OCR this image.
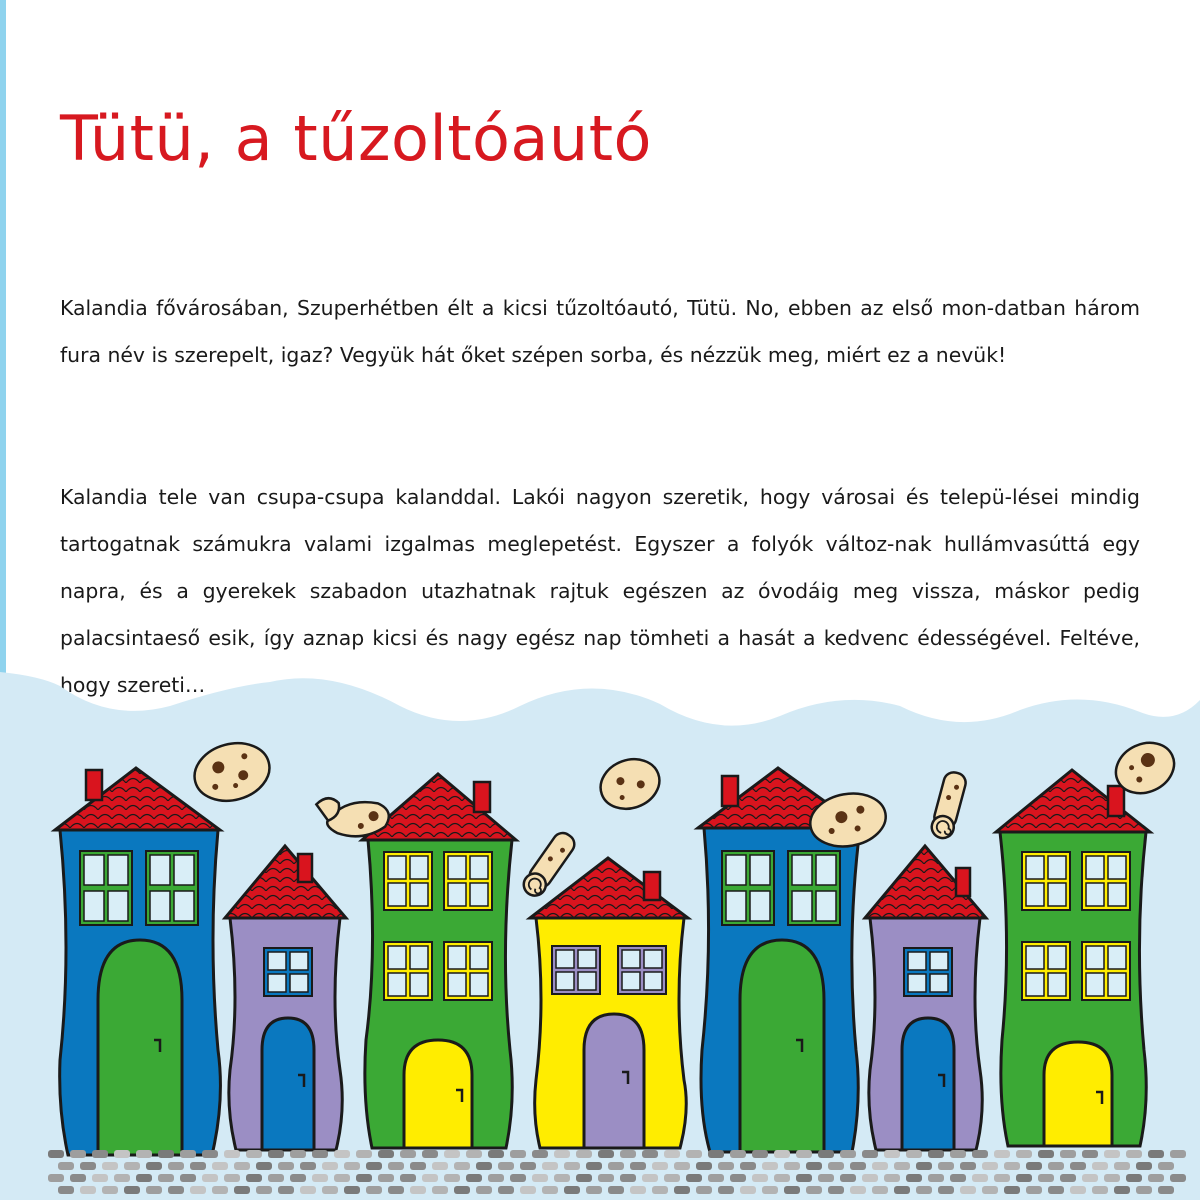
Tütü, a tűzoltóautó

Kalandia fővárosában, Szuperhétben élt a kicsi tűzoltóautó, Tütü. No, ebben az első mon-datban három fura név is szerepelt, igaz? Vegyük hát őket szépen sorba, és nézzük meg, miért ez a nevük!

Kalandia tele van csupa-csupa kalanddal. Lakói nagyon szeretik, hogy városai és telepü-lései mindig tartogatnak számukra valami izgalmas meglepetést. Egyszer a folyók változ-nak hullámvasúttá egy napra, és a gyerekek szabadon utazhatnak rajtuk egészen az óvodáig meg vissza, máskor pedig palacsintaeső esik, így aznap kicsi és nagy egész nap tömheti a hasát a kedvenc édességével. Feltéve, hogy szereti…
